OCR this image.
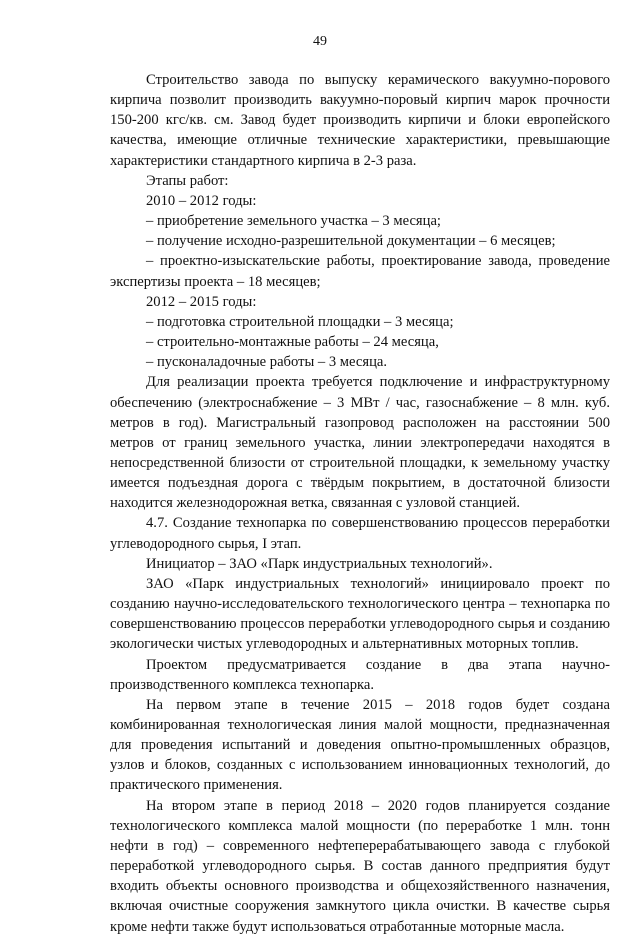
49

Строительство завода по выпуску керамического вакуумно-порового кирпича позволит производить вакуумно-поровый кирпич марок прочности 150-200 кгс/кв. см. Завод будет производить кирпичи и блоки европейского качества, имеющие отличные технические характеристики, превышающие характеристики стандартного кирпича в 2-3 раза.

Этапы работ:

2010 – 2012 годы:

– приобретение земельного участка – 3 месяца;

– получение исходно-разрешительной документации – 6 месяцев;

– проектно-изыскательские работы, проектирование завода, проведение экспертизы проекта – 18 месяцев;

2012 – 2015 годы:

– подготовка строительной площадки – 3 месяца;

– строительно-монтажные работы – 24 месяца,

– пусконаладочные работы – 3 месяца.

Для реализации проекта требуется подключение и инфраструктурному обеспечению (электроснабжение – 3 МВт / час, газоснабжение – 8 млн. куб. метров в год). Магистральный газопровод расположен на расстоянии 500 метров от границ земельного участка, линии электропередачи находятся в непосредственной близости от строительной площадки, к земельному участку имеется подъездная дорога с твёрдым покрытием, в достаточной близости находится железнодорожная ветка, связанная с узловой станцией.

4.7. Создание технопарка по совершенствованию процессов переработки углеводородного сырья, I этап.

Инициатор – ЗАО «Парк индустриальных технологий».

ЗАО «Парк индустриальных технологий» инициировало проект по созданию научно-исследовательского технологического центра – технопарка по совершенствованию процессов переработки углеводородного сырья и созданию экологически чистых углеводородных и альтернативных моторных топлив.

Проектом предусматривается создание в два этапа научно-производственного комплекса технопарка.

На первом этапе в течение 2015 – 2018 годов будет создана комбинированная технологическая линия малой мощности, предназначенная для проведения испытаний и доведения опытно-промышленных образцов, узлов и блоков, созданных с использованием инновационных технологий, до практического применения.

На втором этапе в период 2018 – 2020 годов планируется создание технологического комплекса малой мощности (по переработке 1 млн. тонн нефти в год) – современного нефтеперерабатывающего завода с глубокой переработкой углеводородного сырья. В состав данного предприятия будут входить объекты основного производства и общехозяйственного назначения, включая очистные сооружения замкнутого цикла очистки. В качестве сырья кроме нефти также будут использоваться отработанные моторные масла.
